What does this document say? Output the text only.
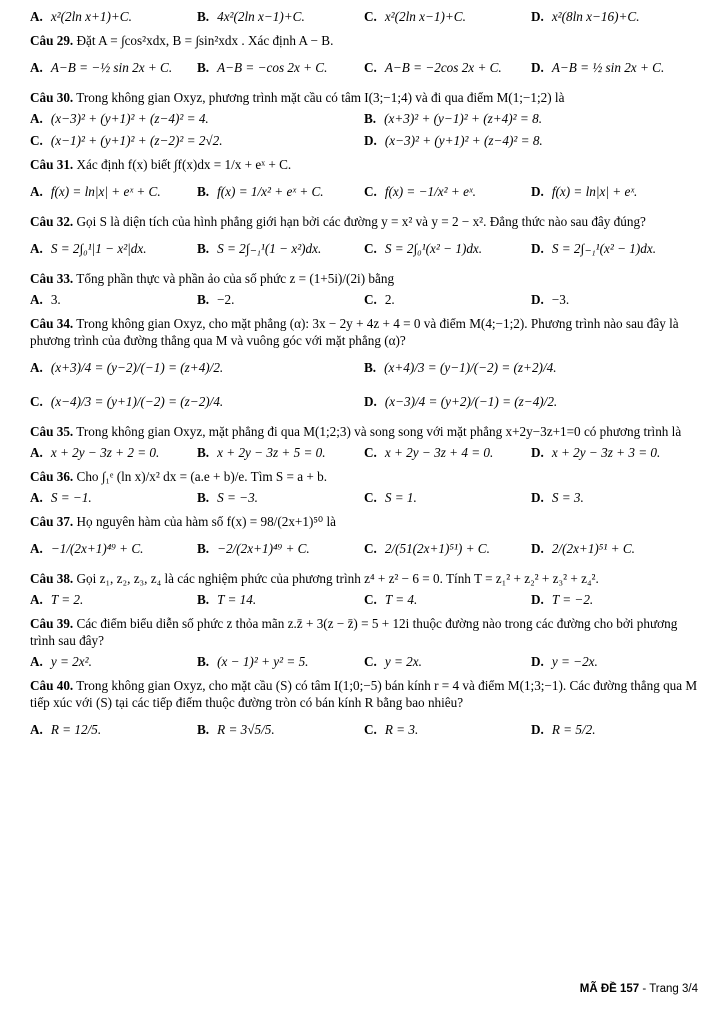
A. x²(2ln x+1)+C.	B. 4x²(2ln x−1)+C.	C. x²(2ln x−1)+C.	D. x²(8ln x−16)+C.
Câu 29. Đặt A = ∫cos²xdx, B = ∫sin²xdx . Xác định A − B.
A. A−B = −½ sin 2x + C. B. A−B = −cos 2x + C.	C. A−B = −2cos 2x + C. D. A−B = ½ sin 2x + C.
Câu 30. Trong không gian Oxyz, phương trình mặt cầu có tâm I(3;−1;4) và đi qua điểm M(1;−1;2) là
A. (x−3)² + (y+1)² + (z−4)² = 4.	B. (x+3)² + (y−1)² + (z+4)² = 8.
C. (x−1)² + (y+1)² + (z−2)² = 2√2.	D. (x−3)² + (y+1)² + (z−4)² = 8.
Câu 31. Xác định f(x) biết ∫f(x)dx = 1/x + eˣ + C.
A. f(x) = ln|x| + eˣ + C.	B. f(x) = 1/x² + eˣ + C.	C. f(x) = −1/x² + eˣ.	D. f(x) = ln|x| + eˣ.
Câu 32. Gọi S là diện tích của hình phẳng giới hạn bởi các đường y = x² và y = 2 − x². Đẳng thức nào sau đây đúng?
A. S = 2∫₀¹|1 − x²|dx.	B. S = 2∫₋₁¹(1 − x²)dx.	C. S = 2∫₀¹(x² − 1)dx.	D. S = 2∫₋₁¹(x² − 1)dx.
Câu 33. Tổng phần thực và phần ảo của số phức z = (1+5i)/(2i) bằng
A. 3.	B. −2.	C. 2.	D. −3.
Câu 34. Trong không gian Oxyz, cho mặt phẳng (α): 3x − 2y + 4z + 4 = 0 và điểm M(4;−1;2). Phương trình nào sau đây là phương trình của đường thẳng qua M và vuông góc với mặt phẳng (α)?
A. (x+3)/4 = (y−2)/(−1) = (z+4)/2.	B. (x+4)/3 = (y−1)/(−2) = (z+2)/4.
C. (x−4)/3 = (y+1)/(−2) = (z−2)/4.	D. (x−3)/4 = (y+2)/(−1) = (z−4)/2.
Câu 35. Trong không gian Oxyz, mặt phẳng đi qua M(1;2;3) và song song với mặt phẳng x+2y−3z+1=0 có phương trình là
A. x + 2y − 3z + 2 = 0.	B. x + 2y − 3z + 5 = 0.	C. x + 2y − 3z + 4 = 0.	D. x + 2y − 3z + 3 = 0.
Câu 36. Cho ∫₁ᵉ (ln x)/x² dx = (a.e + b)/e. Tìm S = a + b.
A. S = −1.	B. S = −3.	C. S = 1.	D. S = 3.
Câu 37. Họ nguyên hàm của hàm số f(x) = 98/(2x+1)⁵⁰ là
A. −1/(2x+1)⁴⁹ + C.	B. −2/(2x+1)⁴⁹ + C.	C. 2/(51(2x+1)⁵¹) + C.	D. 2/(2x+1)⁵¹ + C.
Câu 38. Gọi z₁, z₂, z₃, z₄ là các nghiệm phức của phương trình z⁴ + z² − 6 = 0. Tính T = z₁² + z₂² + z₃² + z₄².
A. T = 2.	B. T = 14.	C. T = 4.	D. T = −2.
Câu 39. Các điểm biểu diễn số phức z thỏa mãn z.z̄ + 3(z − z̄) = 5 + 12i thuộc đường nào trong các đường cho bởi phương trình sau đây?
A. y = 2x².	B. (x − 1)² + y² = 5.	C. y = 2x.	D. y = −2x.
Câu 40. Trong không gian Oxyz, cho mặt cầu (S) có tâm I(1;0;−5) bán kính r = 4 và điểm M(1;3;−1). Các đường thẳng qua M tiếp xúc với (S) tại các tiếp điểm thuộc đường tròn có bán kính R bằng bao nhiêu?
A. R = 12/5.	B. R = 3√5/5.	C. R = 3.	D. R = 5/2.
MÃ ĐỀ 157 - Trang 3/4
